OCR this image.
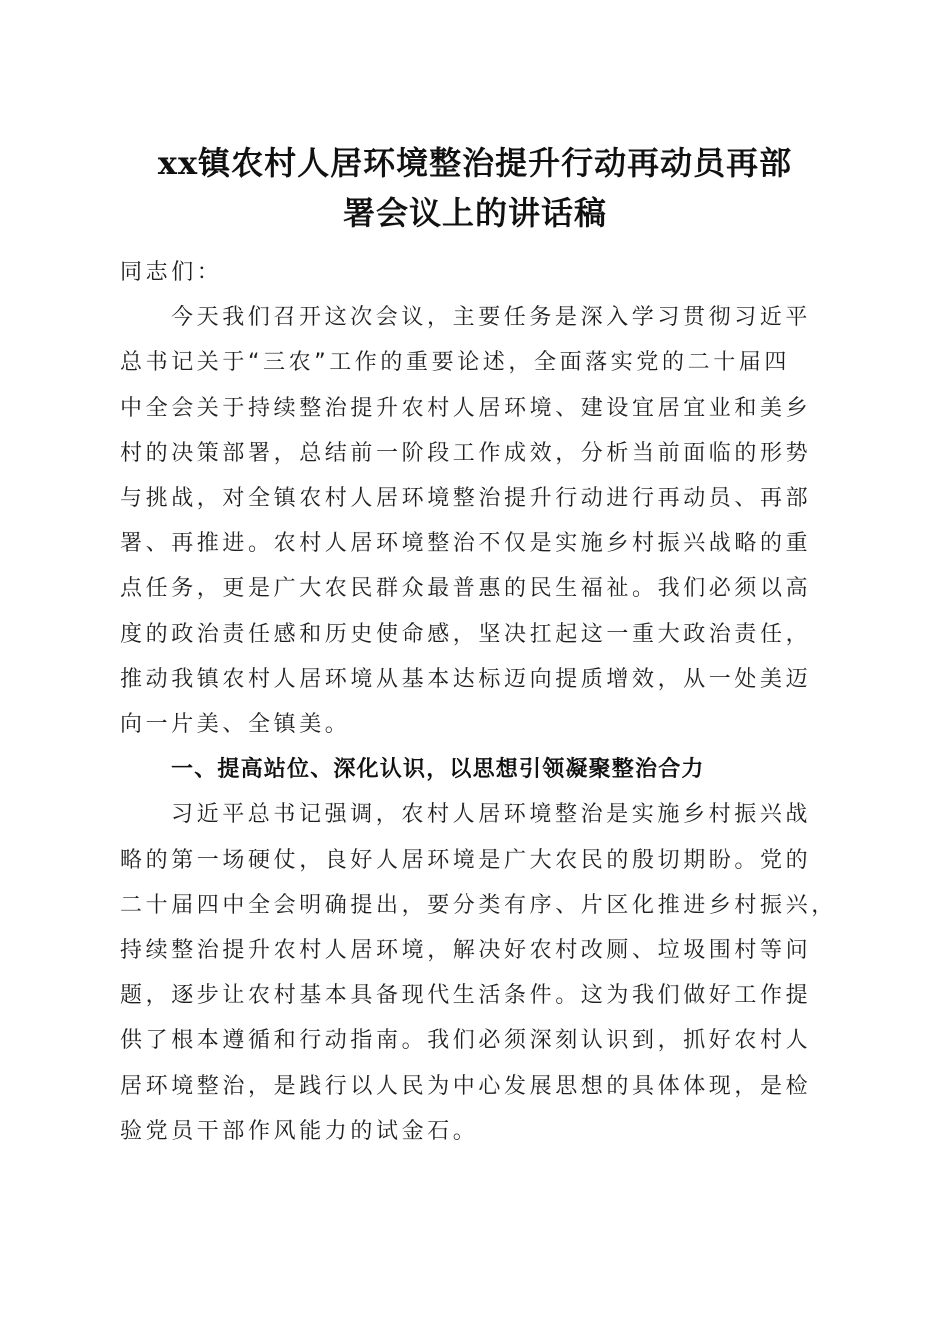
xx镇农村人居环境整治提升行动再动员再部
署会议上的讲话稿

同志们：

今天我们召开这次会议，主要任务是深入学习贯彻习近平
总书记关于“三农”工作的重要论述，全面落实党的二十届四
中全会关于持续整治提升农村人居环境、建设宜居宜业和美乡
村的决策部署，总结前一阶段工作成效，分析当前面临的形势
与挑战，对全镇农村人居环境整治提升行动进行再动员、再部
署、再推进。农村人居环境整治不仅是实施乡村振兴战略的重
点任务，更是广大农民群众最普惠的民生福祉。我们必须以高
度的政治责任感和历史使命感，坚决扛起这一重大政治责任，
推动我镇农村人居环境从基本达标迈向提质增效，从一处美迈
向一片美、全镇美。

一、提高站位、深化认识，以思想引领凝聚整治合力

习近平总书记强调，农村人居环境整治是实施乡村振兴战
略的第一场硬仗，良好人居环境是广大农民的殷切期盼。党的
二十届四中全会明确提出，要分类有序、片区化推进乡村振兴，
持续整治提升农村人居环境，解决好农村改厕、垃圾围村等问
题，逐步让农村基本具备现代生活条件。这为我们做好工作提
供了根本遵循和行动指南。我们必须深刻认识到，抓好农村人
居环境整治，是践行以人民为中心发展思想的具体体现，是检
验党员干部作风能力的试金石。
